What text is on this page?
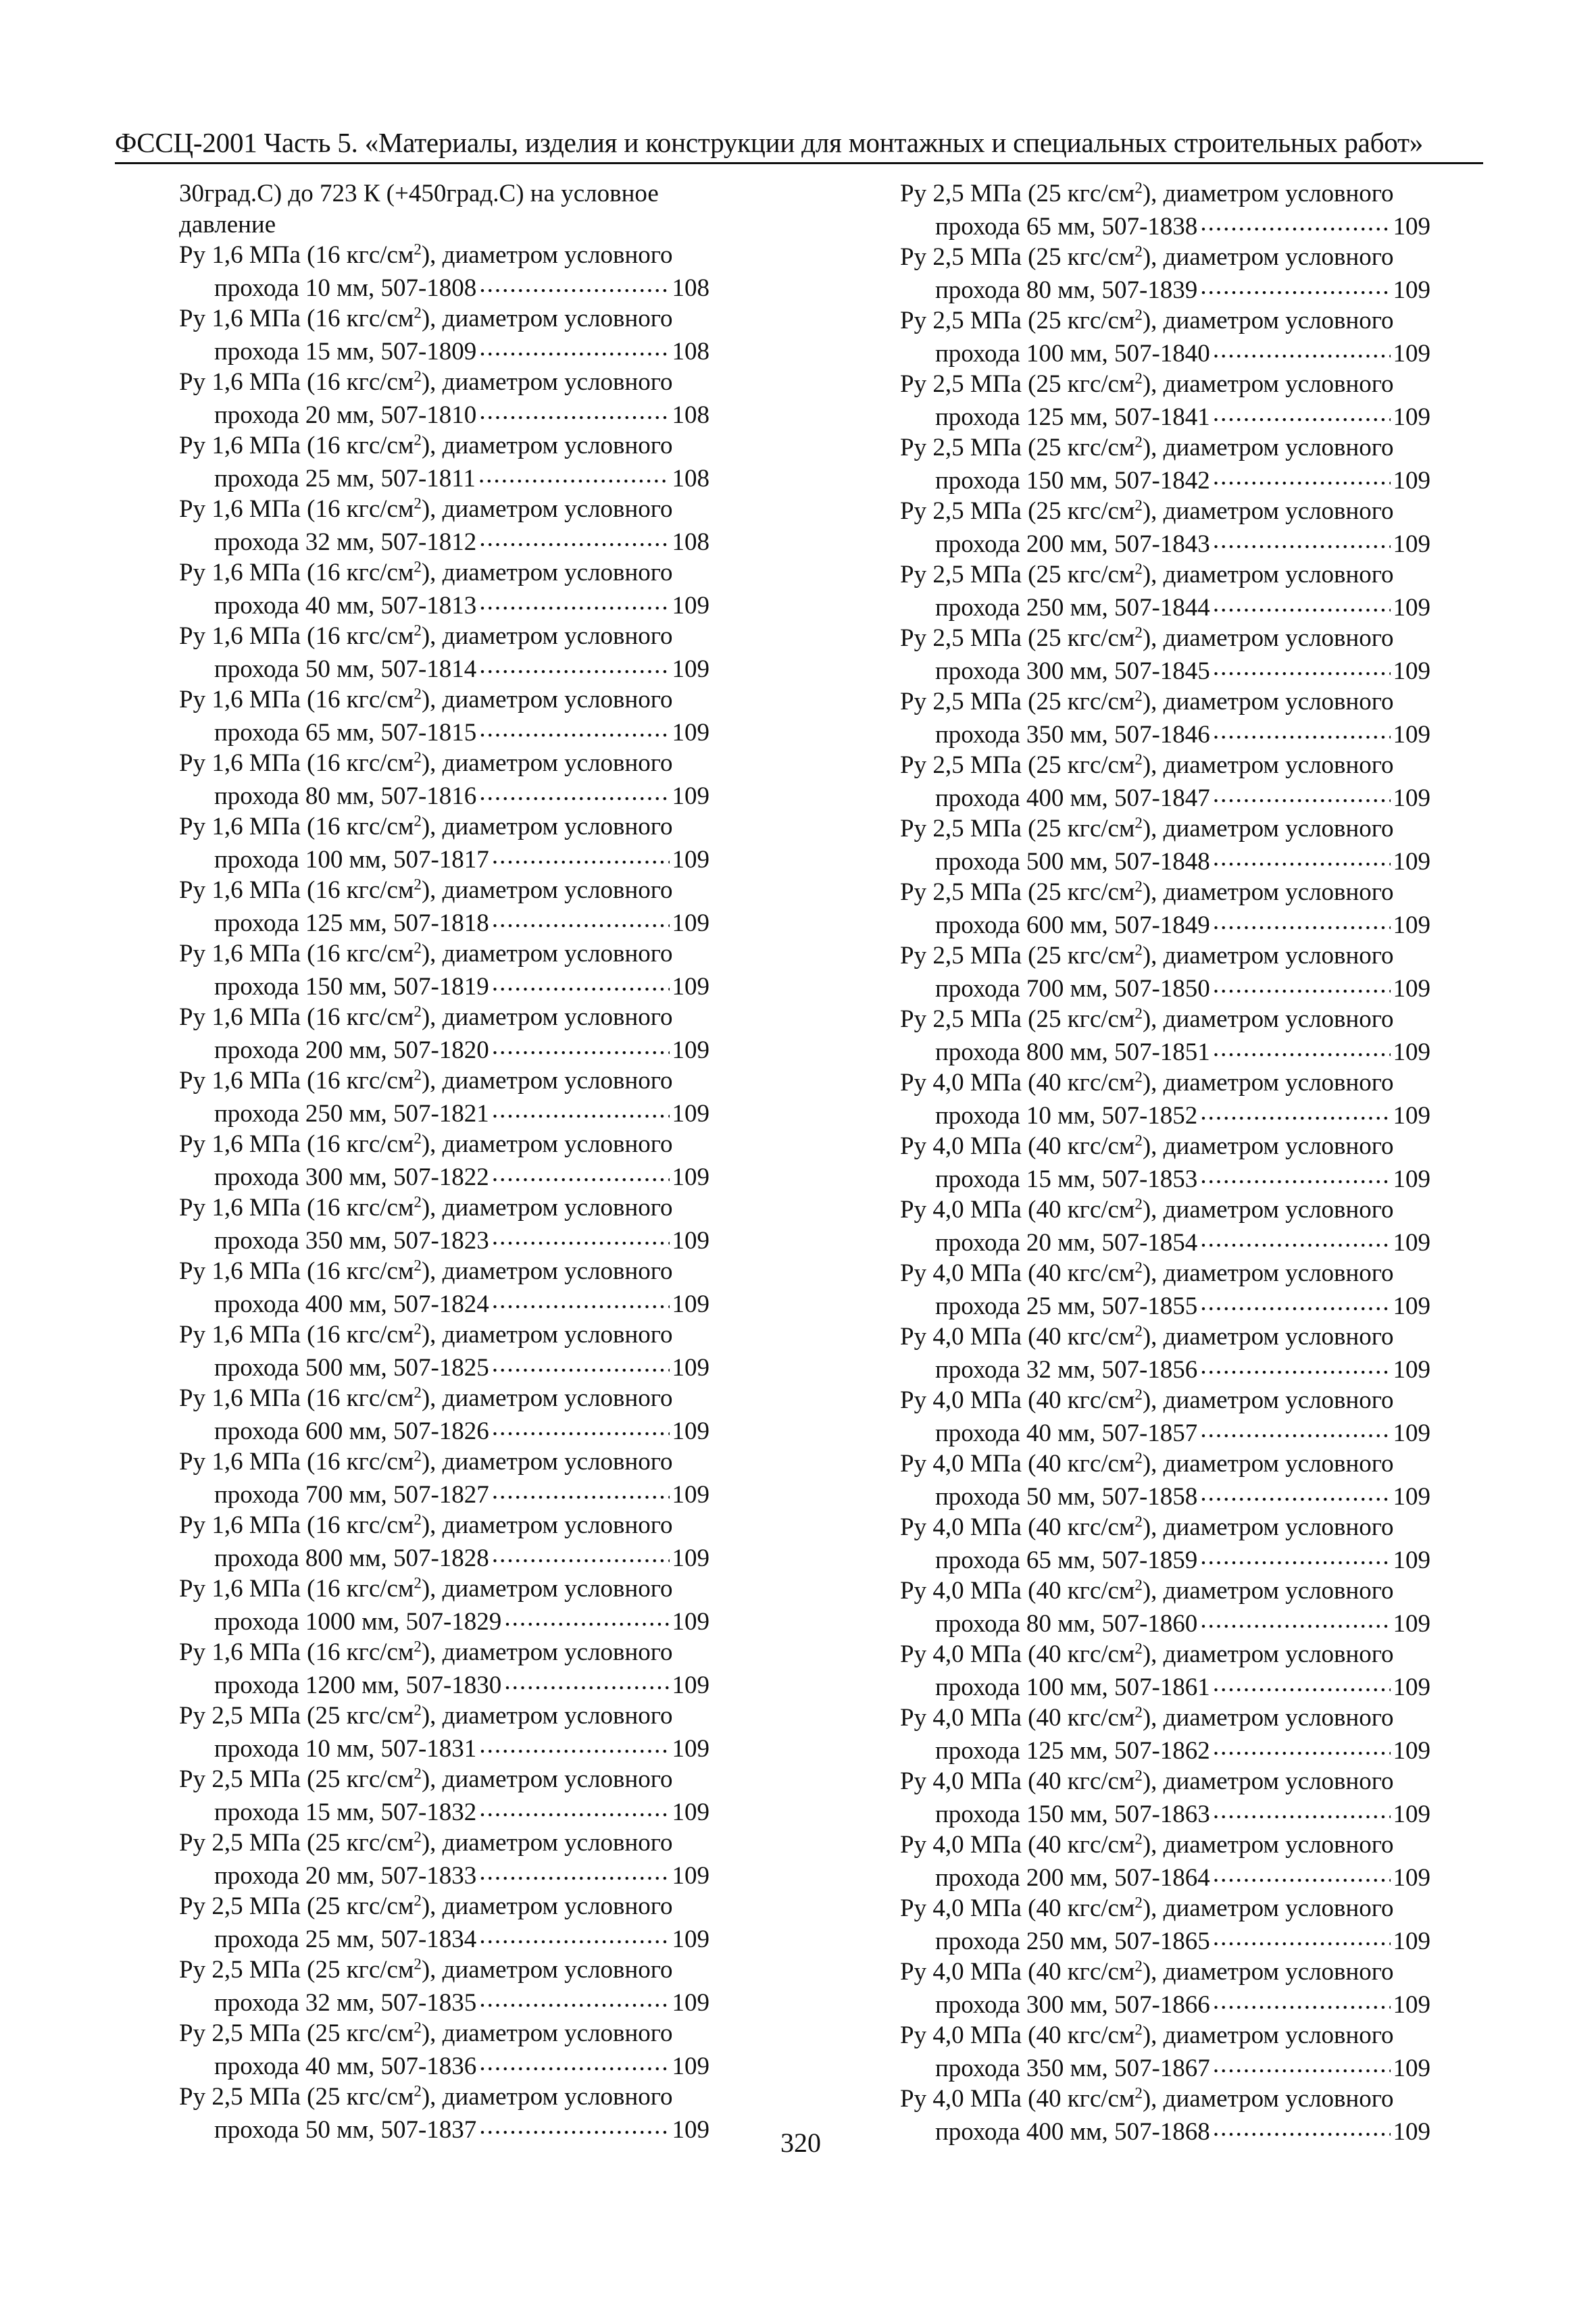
ФССЦ-2001 Часть 5. «Материалы, изделия и конструкции для монтажных и специальных строительных работ»
30град.С) до 723 К (+450град.С) на условное
давление
Ру 1,6 МПа (16 кгс/$см^2$), диаметром условного
прохода 10 мм, 507-1808 .....	108
Ру 1,6 МПа (16 кгс/$см^2$), диаметром условного
прохода 15 мм, 507-1809 .....	108
Ру 1,6 МПа (16 кгс/$см^2$), диаметром условного
прохода 20 мм, 507-1810 .....	108
Ру 1,6 МПа (16 кгс/$см^2$), диаметром условного
прохода 25 мм, 507-1811 .....	108
Ру 1,6 МПа (16 кгс/$см^2$), диаметром условного
прохода 32 мм, 507-1812 .....	108
Ру 1,6 МПа (16 кгс/$см^2$), диаметром условного
прохода 40 мм, 507-1813 .....	109
Ру 1,6 МПа (16 кгс/$см^2$), диаметром условного
прохода 50 мм, 507-1814 .....	109
Ру 1,6 МПа (16 кгс/$см^2$), диаметром условного
прохода 65 мм, 507-1815 .....	109
Ру 1,6 МПа (16 кгс/$см^2$), диаметром условного
прохода 80 мм, 507-1816 .....	109
Ру 1,6 МПа (16 кгс/$см^2$), диаметром условного
прохода 100 мм, 507-1817 .....	109
Ру 1,6 МПа (16 кгс/$см^2$), диаметром условного
прохода 125 мм, 507-1818 .....	109
Ру 1,6 МПа (16 кгс/$см^2$), диаметром условного
прохода 150 мм, 507-1819 .....	109
Ру 1,6 МПа (16 кгс/$см^2$), диаметром условного
прохода 200 мм, 507-1820 .....	109
Ру 1,6 МПа (16 кгс/$см^2$), диаметром условного
прохода 250 мм, 507-1821 .....	109
Ру 1,6 МПа (16 кгс/$см^2$), диаметром условного
прохода 300 мм, 507-1822 .....	109
Ру 1,6 МПа (16 кгс/$см^2$), диаметром условного
прохода 350 мм, 507-1823 .....	109
Ру 1,6 МПа (16 кгс/$см^2$), диаметром условного
прохода 400 мм, 507-1824 .....	109
Ру 1,6 МПа (16 кгс/$см^2$), диаметром условного
прохода 500 мм, 507-1825 .....	109
Ру 1,6 МПа (16 кгс/$см^2$), диаметром условного
прохода 600 мм, 507-1826 .....	109
Ру 1,6 МПа (16 кгс/$см^2$), диаметром условного
прохода 700 мм, 507-1827 .....	109
Ру 1,6 МПа (16 кгс/$см^2$), диаметром условного
прохода 800 мм, 507-1828 .....	109
Ру 1,6 МПа (16 кгс/$см^2$), диаметром условного
прохода 1000 мм, 507-1829 .....	109
Ру 1,6 МПа (16 кгс/$см^2$), диаметром условного
прохода 1200 мм, 507-1830 .....	109
Ру 2,5 МПа (25 кгс/$см^2$), диаметром условного
прохода 10 мм, 507-1831 .....	109
Ру 2,5 МПа (25 кгс/$см^2$), диаметром условного
прохода 15 мм, 507-1832 .....	109
Ру 2,5 МПа (25 кгс/$см^2$), диаметром условного
прохода 20 мм, 507-1833 .....	109
Ру 2,5 МПа (25 кгс/$см^2$), диаметром условного
прохода 25 мм, 507-1834 .....	109
Ру 2,5 МПа (25 кгс/$см^2$), диаметром условного
прохода 32 мм, 507-1835 .....	109
Ру 2,5 МПа (25 кгс/$см^2$), диаметром условного
прохода 40 мм, 507-1836 .....	109
Ру 2,5 МПа (25 кгс/$см^2$), диаметром условного
прохода 50 мм, 507-1837 .....	109
Ру 2,5 МПа (25 кгс/$см^2$), диаметром условного
прохода 65 мм, 507-1838 .....	109
Ру 2,5 МПа (25 кгс/$см^2$), диаметром условного
прохода 80 мм, 507-1839 .....	109
Ру 2,5 МПа (25 кгс/$см^2$), диаметром условного
прохода 100 мм, 507-1840 .....	109
Ру 2,5 МПа (25 кгс/$см^2$), диаметром условного
прохода 125 мм, 507-1841 .....	109
Ру 2,5 МПа (25 кгс/$см^2$), диаметром условного
прохода 150 мм, 507-1842 .....	109
Ру 2,5 МПа (25 кгс/$см^2$), диаметром условного
прохода 200 мм, 507-1843 .....	109
Ру 2,5 МПа (25 кгс/$см^2$), диаметром условного
прохода 250 мм, 507-1844 .....	109
Ру 2,5 МПа (25 кгс/$см^2$), диаметром условного
прохода 300 мм, 507-1845 .....	109
Ру 2,5 МПа (25 кгс/$см^2$), диаметром условного
прохода 350 мм, 507-1846 .....	109
Ру 2,5 МПа (25 кгс/$см^2$), диаметром условного
прохода 400 мм, 507-1847 .....	109
Ру 2,5 МПа (25 кгс/$см^2$), диаметром условного
прохода 500 мм, 507-1848 .....	109
Ру 2,5 МПа (25 кгс/$см^2$), диаметром условного
прохода 600 мм, 507-1849 .....	109
Ру 2,5 МПа (25 кгс/$см^2$), диаметром условного
прохода 700 мм, 507-1850 .....	109
Ру 2,5 МПа (25 кгс/$см^2$), диаметром условного
прохода 800 мм, 507-1851 .....	109
Ру 4,0 МПа (40 кгс/$см^2$), диаметром условного
прохода 10 мм, 507-1852 .....	109
Ру 4,0 МПа (40 кгс/$см^2$), диаметром условного
прохода 15 мм, 507-1853 .....	109
Ру 4,0 МПа (40 кгс/$см^2$), диаметром условного
прохода 20 мм, 507-1854 .....	109
Ру 4,0 МПа (40 кгс/$см^2$), диаметром условного
прохода 25 мм, 507-1855 .....	109
Ру 4,0 МПа (40 кгс/$см^2$), диаметром условного
прохода 32 мм, 507-1856 .....	109
Ру 4,0 МПа (40 кгс/$см^2$), диаметром условного
прохода 40 мм, 507-1857 .....	109
Ру 4,0 МПа (40 кгс/$см^2$), диаметром условного
прохода 50 мм, 507-1858 .....	109
Ру 4,0 МПа (40 кгс/$см^2$), диаметром условного
прохода 65 мм, 507-1859 .....	109
Ру 4,0 МПа (40 кгс/$см^2$), диаметром условного
прохода 80 мм, 507-1860 .....	109
Ру 4,0 МПа (40 кгс/$см^2$), диаметром условного
прохода 100 мм, 507-1861 .....	109
Ру 4,0 МПа (40 кгс/$см^2$), диаметром условного
прохода 125 мм, 507-1862 .....	109
Ру 4,0 МПа (40 кгс/$см^2$), диаметром условного
прохода 150 мм, 507-1863 .....	109
Ру 4,0 МПа (40 кгс/$см^2$), диаметром условного
прохода 200 мм, 507-1864 .....	109
Ру 4,0 МПа (40 кгс/$см^2$), диаметром условного
прохода 250 мм, 507-1865 .....	109
Ру 4,0 МПа (40 кгс/$см^2$), диаметром условного
прохода 300 мм, 507-1866 .....	109
Ру 4,0 МПа (40 кгс/$см^2$), диаметром условного
прохода 350 мм, 507-1867 .....	109
Ру 4,0 МПа (40 кгс/$см^2$), диаметром условного
прохода 400 мм, 507-1868 .....	109
320
